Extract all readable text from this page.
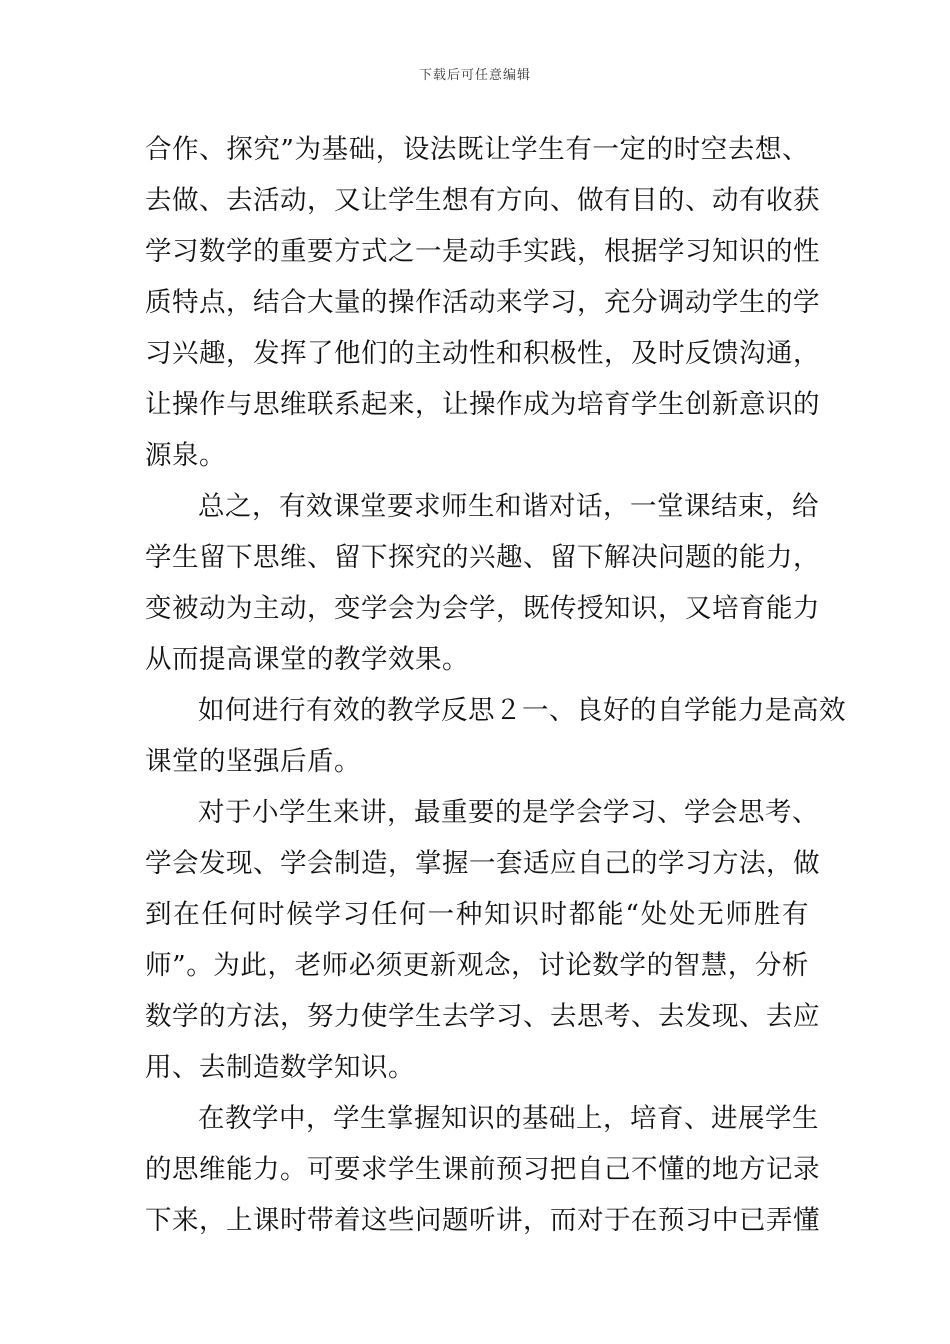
下载后可任意编辑
合作、探究”为基础，设法既让学生有一定的时空去想、
去做、去活动，又让学生想有方向、做有目的、动有收获
学习数学的重要方式之一是动手实践，根据学习知识的性
质特点，结合大量的操作活动来学习，充分调动学生的学
习兴趣，发挥了他们的主动性和积极性，及时反馈沟通，
让操作与思维联系起来，让操作成为培育学生创新意识的
源泉。
总之，有效课堂要求师生和谐对话，一堂课结束，给
学生留下思维、留下探究的兴趣、留下解决问题的能力，
变被动为主动，变学会为会学，既传授知识，又培育能力
从而提高课堂的教学效果。
如何进行有效的教学反思２一、良好的自学能力是高效
课堂的坚强后盾。
对于小学生来讲，最重要的是学会学习、学会思考、
学会发现、学会制造，掌握一套适应自己的学习方法，做
到在任何时候学习任何一种知识时都能“处处无师胜有
师”。为此，老师必须更新观念，讨论数学的智慧，分析
数学的方法，努力使学生去学习、去思考、去发现、去应
用、去制造数学知识。
在教学中，学生掌握知识的基础上，培育、进展学生
的思维能力。可要求学生课前预习把自己不懂的地方记录
下来，上课时带着这些问题听讲，而对于在预习中已弄懂
